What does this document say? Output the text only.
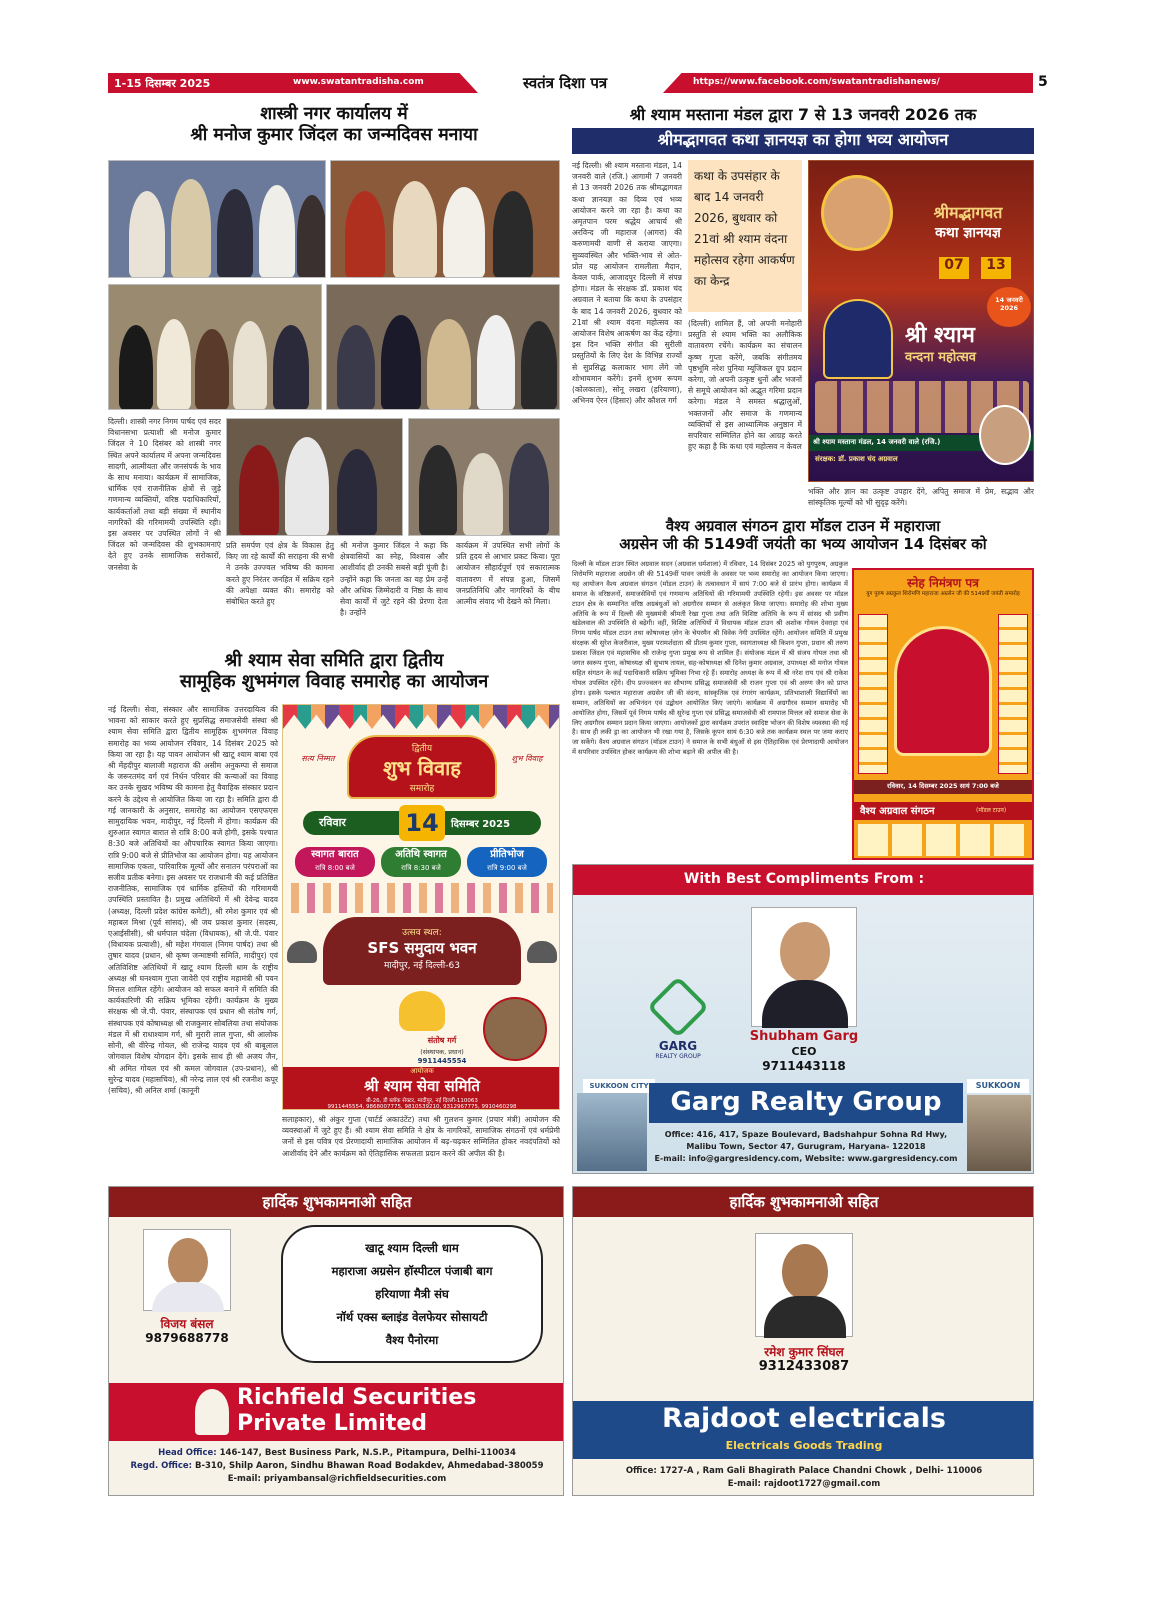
1-15 दिसम्बर 2025	www.swatantradisha.com	स्वतंत्र दिशा पत्र	https://www.facebook.com/swatantradishanews/	5
शास्त्री नगर कार्यालय में
श्री मनोज कुमार जिंदल का जन्मदिवस मनाया
दिल्ली। शास्त्री नगर निगम पार्षद एवं सदर विधानसभा प्रत्याशी श्री मनोज कुमार जिंदल ने 10 दिसंबर को शास्त्री नगर स्थित अपने कार्यालय में अपना जन्मदिवस सादगी, आत्मीयता और जनसंपर्क के भाव के साथ मनाया। कार्यक्रम में सामाजिक, धार्मिक एवं राजनीतिक क्षेत्रों से जुड़े गणमान्य व्यक्तियों, वरिष्ठ पदाधिकारियों, कार्यकर्ताओं तथा बड़ी संख्या में स्थानीय नागरिकों की गरिमामयी उपस्थिति रही। इस अवसर पर उपस्थित लोगों ने श्री जिंदल को जन्मदिवस की शुभकामनाएं देते हुए उनके सामाजिक सरोकारों, जनसेवा के
प्रति समर्पण एवं क्षेत्र के विकास हेतु किए जा रहे कार्यों की सराहना की सभी ने उनके उज्ज्वल भविष्य की कामना करते हुए निरंतर जनहित में सक्रिय रहने की अपेक्षा व्यक्त की। समारोह को संबोधित करते हुए
श्री मनोज कुमार जिंदल ने कहा कि क्षेत्रवासियों का स्नेह, विश्वास और आशीर्वाद ही उनकी सबसे बड़ी पूंजी है। उन्होंने कहा कि जनता का यह प्रेम उन्हें और अधिक जिम्मेदारी व निष्ठा के साथ सेवा कार्यों में जुटे रहने की प्रेरणा देता है। उन्होंने
कार्यक्रम में उपस्थित सभी लोगों के प्रति हृदय से आभार प्रकट किया। पूरा आयोजन सौहार्दपूर्ण एवं सकारात्मक वातावरण में संपन्न हुआ, जिसमें जनप्रतिनिधि और नागरिकों के बीच आत्मीय संवाद भी देखने को मिला।
श्री श्याम सेवा समिति द्वारा द्वितीय
सामूहिक शुभमंगल विवाह समारोह का आयोजन
नई दिल्ली। सेवा, संस्कार और सामाजिक उत्तरदायित्व की भावना को साकार करते हुए सुप्रसिद्ध समाजसेवी संस्था श्री श्याम सेवा समिति द्वारा द्वितीय सामूहिक शुभमंगल विवाह समारोह का भव्य आयोजन रविवार, 14 दिसंबर 2025 को किया जा रहा है। यह पावन आयोजन श्री खाटू श्याम बाबा एवं श्री मेंहदीपुर बालाजी महाराज की असीम अनुकम्पा से समाज के जरूरतमंद वर्ग एवं निर्धन परिवार की कन्याओं का विवाह कर उनके सुखद भविष्य की कामना हेतु वैवाहिक संस्कार प्रदान करने के उद्देश्य से आयोजित किया जा रहा है। समिति द्वारा दी गई जानकारी के अनुसार, समारोह का आयोजन एसएफएस सामुदायिक भवन, मादीपुर, नई दिल्ली में होगा। कार्यक्रम की शुरुआत स्वागत बारात से रात्रि 8:00 बजे होगी, इसके पश्चात 8:30 बजे अतिथियों का औपचारिक स्वागत किया जाएगा। रात्रि 9:00 बजे से प्रीतिभोज का आयोजन होगा। यह आयोजन सामाजिक एकता, पारिवारिक मूल्यों और सनातन परंपराओं का सजीव प्रतीक बनेगा। इस अवसर पर राजधानी की कई प्रतिष्ठित राजनीतिक, सामाजिक एवं धार्मिक हस्तियों की गरिमामयी उपस्थिति प्रस्तावित है। प्रमुख अतिथियों में श्री देवेन्द्र यादव (अध्यक्ष, दिल्ली प्रदेश कांग्रेस कमेटी), श्री रमेश कुमार एवं श्री महाबल मिश्रा (पूर्व सांसद), श्री जय प्रकाश कुमार (सदस्य, एआईसीसी), श्री धर्मपाल चंदेला (विधायक), श्री जे.पी. पंवार (विधायक प्रत्याशी), श्री महेश गंगवाल (निगम पार्षद) तथा श्री तुषार यादव (प्रधान, श्री कृष्ण जन्माष्टमी समिति, मादीपुर) एवं अतिविशिष्ट अतिथियों में खाटू श्याम दिल्ली धाम के राष्ट्रीय अध्यक्ष श्री घनश्याम गुप्ता जावेरी एवं राष्ट्रीय महामंत्री श्री पवन मित्तल शामिल रहेंगे। आयोजन को सफल बनाने में समिति की कार्यकारिणी की सक्रिय भूमिका रहेगी। कार्यक्रम के मुख्य संरक्षक श्री जे.पी. पंवार, संस्थापक एवं प्रधान श्री संतोष गर्ग, संस्थापक एवं कोषाध्यक्ष श्री राजकुमार सोबलिया तथा संयोजक मंडल में श्री राधाश्याम गर्ग, श्री मुरारी लाल गुप्ता, श्री आलोक सोनी, श्री वीरेन्द्र गोयल, श्री राजेन्द्र यादव एवं श्री बाबूलाल जोगवाल विशेष योगदान देंगे। इसके साथ ही श्री अजय जैन, श्री अमित गोयल एवं श्री कमल जोगवाल (उप-प्रधान), श्री सुरेन्द्र यादव (महासचिव), श्री नरेन्द्र लाल एवं श्री रजनीश कपूर (सचिव), श्री अनिल शर्मा (कानूनी
द्वितीय
शुभ विवाह
समारोह
सत्य निम्मत	शुभ विवाह
रविवार 14	दिसम्बर 2025
स्वागत बारात
रात्रि 8:00 बजे
अतिथि स्वागत
रात्रि 8:30 बजे
प्रीतिभोज
रात्रि 9:00 बजे
उत्सव स्थल:
SFS समुदाय भवन
मादीपुर, नई दिल्ली-63
संतोष गर्ग
(संस्थापक, प्रधान)
9911445554
आयोजक
श्री श्याम सेवा समिति
बी-26, डी ब्लॉक सेक्टर, मादीपुर, नई दिल्ली-110063
9911445554, 9868007775, 9810539210, 9312967775, 9910460298
सलाहकार), श्री अंकुर गुप्ता (चार्टर्ड अकाउंटेंट) तथा श्री गुलशन कुमार (प्रचार मंत्री) आयोजन की व्यवस्थाओं में जुटे हुए हैं। श्री श्याम सेवा समिति ने क्षेत्र के नागरिकों, सामाजिक संगठनों एवं धर्मप्रेमी जनों से इस पवित्र एवं प्रेरणादायी सामाजिक आयोजन में बढ़-चढ़कर सम्मिलित होकर नवदंपतियों को आशीर्वाद देने और कार्यक्रम को ऐतिहासिक सफलता प्रदान करने की अपील की है।
श्री श्याम मस्ताना मंडल द्वारा 7 से 13 जनवरी 2026 तक
श्रीमद्भागवत कथा ज्ञानयज्ञ का होगा भव्य आयोजन
नई दिल्ली। श्री श्याम मस्ताना मंडल, 14 जनवरी वाले (रजि.) आगामी 7 जनवरी से 13 जनवरी 2026 तक श्रीमद्भागवत कथा ज्ञानयज्ञ का दिव्य एवं भव्य आयोजन करने जा रहा है। कथा का अमृतपान परम श्रद्धेय आचार्य श्री अरविन्द जी महाराज (आगरा) की करुणामयी वाणी से कराया जाएगा। सुव्यवस्थित और भक्ति-भाव से ओत-प्रोत यह आयोजन रामलीला मैदान, केवल पार्क, आजादपुर दिल्ली में संपन्न होगा। मंडल के संरक्षक डॉ. प्रकाश चंद अग्रवाल ने बताया कि कथा के उपसंहार के बाद 14 जनवरी 2026, बुधवार को 21वां श्री श्याम वंदना महोत्सव का आयोजन विशेष आकर्षण का केंद्र रहेगा। इस दिन भक्ति संगीत की सुरीली प्रस्तुतियों के लिए देश के विभिन्न राज्यों से सुप्रसिद्ध कलाकार भाग लेंगे जो शोभायमान करेंगे। इनमें शुभम रूपम (कोलकाता), सोनू लखरा (हरियाणा), अभिनव ऐरन (हिसार) और कौशल गर्ग
कथा के उपसंहार के बाद 14 जनवरी 2026, बुधवार को 21वां श्री श्याम वंदना महोत्सव रहेगा आकर्षण का केन्द्र
(दिल्ली) शामिल हैं, जो अपनी मनोहारी प्रस्तुति से श्याम भक्ति का अलौकिक वातावरण रचेंगे। कार्यक्रम का संचालन कृष्ण गुप्ता करेंगे, जबकि संगीतमय पृष्ठभूमि नरेश पुनिया म्यूजिकल ग्रुप प्रदान करेगा, जो अपनी उत्कृष्ट धुनों और भजनों से समूचे आयोजन को अद्भुत गरिमा प्रदान करेगा। मंडल ने समस्त श्रद्धालुओं, भक्तजनों और समाज के गणमान्य व्यक्तियों से इस आध्यात्मिक अनुष्ठान में सपरिवार सम्मिलित होने का आग्रह करते हुए कहा है कि कथा एवं महोत्सव न केवल
भक्ति और ज्ञान का उत्कृष्ट उपहार देंगे, अपितु समाज में प्रेम, सद्भाव और सांस्कृतिक मूल्यों को भी सुदृढ़ करेंगे।
श्रीमद्भागवत
कथा ज्ञानयज्ञ
07	13
14 जनवरी 2026
श्री श्याम
वन्दना महोत्सव
श्री श्याम मस्ताना मंडल, 14 जनवरी वाले (रजि.)
संरक्षक: डॉ. प्रकाश चंद अग्रवाल
वैश्य अग्रवाल संगठन द्वारा मॉडल टाउन में महाराजा
अग्रसेन जी की 5149वीं जयंती का भव्य आयोजन 14 दिसंबर को
दिल्ली के मॉडल टाउन स्थित अग्रवाल सदन (अग्रवाल धर्मशाला) में रविवार, 14 दिसंबर 2025 को युगपुरुष, अग्रकुल शिरोमणि महाराजा अग्रसेन जी की 5149वीं पावन जयंती के अवसर पर भव्य समारोह का आयोजन किया जाएगा। यह आयोजन वैश्य अग्रवाल संगठन (मॉडल टाउन) के तत्वावधान में सायं 7:00 बजे से प्रारंभ होगा। कार्यक्रम में समाज के वरिष्ठजनों, समाजसेवियों एवं गणमान्य अतिथियों की गरिमामयी उपस्थिति रहेगी। इस अवसर पर मॉडल टाउन क्षेत्र के सम्मानित वरिष्ठ अग्रबंधुओं को अग्रगौरव सम्मान से अलंकृत किया जाएगा। समारोह की शोभा मुख्य अतिथि के रूप में दिल्ली की मुख्यमंत्री श्रीमती रेखा गुप्ता तथा अति विशिष्ट अतिथि के रूप में सांसद श्री प्रवीण खंडेलवाल की उपस्थिति से बढ़ेगी। वहीं, विशिष्ट अतिथियों में विधायक मॉडल टाउन श्री अशोक गोयल देवराहा एवं निगम पार्षद मॉडल टाउन तथा कोषाध्यक्ष ज़ोन के चेयरमैन श्री विवेक नेगी उपस्थित रहेंगे। आयोजन समिति में प्रमुख संरक्षक श्री सुरेश केजरीवाल, मुख्य परामर्शदाता श्री प्रीतम कुमार गुप्ता, स्वागताध्यक्ष श्री किशन गुप्ता, प्रधान श्री तरुण प्रकाश जिंदल एवं महासचिव श्री राजेन्द्र गुप्ता प्रमुख रूप से शामिल हैं। संयोजक मंडल में श्री संजय गोयल तथा श्री जगत स्वरूप गुप्ता, कोषाध्यक्ष श्री सुभाष तायल, सह-कोषाध्यक्ष श्री दिनेश कुमार अग्रवाल, उपाध्यक्ष श्री मनोज गोयल सहित संगठन के कई पदाधिकारी सक्रिय भूमिका निभा रहे हैं। समारोह अध्यक्ष के रूप में श्री नरेश राय एवं श्री राकेश गोयल उपस्थित रहेंगे। दीप प्रज्ज्वलन का सौभाग्य प्रसिद्ध समाजसेवी श्री राजन गुप्ता एवं श्री अरुण जैन को प्राप्त होगा। इसके पश्चात महाराजा अग्रसेन जी की वंदना, सांस्कृतिक एवं रंगारंग कार्यक्रम, प्रतिभाशाली विद्यार्थियों का सम्मान, अतिथियों का अभिनंदन एवं उद्बोधन आयोजित किए जाएंगे। कार्यक्रम में अग्रगौरव सम्मान समारोह भी आयोजित होगा, जिसमें पूर्व निगम पार्षद श्री सुरेन्द्र गुप्ता एवं प्रसिद्ध समाजसेवी श्री रामपाल मित्तल को समाज सेवा के लिए अग्रगौरव सम्मान प्रदान किया जाएगा। आयोजकों द्वारा कार्यक्रम उपरांत स्वादिष्ट भोजन की विशेष व्यवस्था की गई है। साथ ही लकी ड्रा का आयोजन भी रखा गया है, जिसके कूपन सायं 6:30 बजे तक कार्यक्रम स्थल पर जमा कराए जा सकेंगे। वैश्य अग्रवाल संगठन (मॉडल टाउन) ने समाज के सभी बंधुओं से इस ऐतिहासिक एवं प्रेरणादायी आयोजन में सपरिवार उपस्थित होकर कार्यक्रम की शोभा बढ़ाने की अपील की है।
स्नेह निमंत्रण पत्र
युग पुरुष अग्रकुल शिरोमणि महाराजा अग्रसेन जी की 5149वीं जयंती समारोह
रविवार, 14 दिसम्बर 2025 सायं 7:00 बजे
वैश्य अग्रवाल संगठन	(मॉडल टाउन)
With Best Compliments From :
GARG
REALTY GROUP
Shubham Garg
CEO
9711443118
SUKKOON CITY	SUKKOON
Garg Realty Group
Office: 416, 417, Spaze Boulevard, Badshahpur Sohna Rd Hwy,
Malibu Town, Sector 47, Gurugram, Haryana- 122018
E-mail: info@gargresidency.com, Website: www.gargresidency.com
हार्दिक शुभकामनाओ सहित
विजय बंसल
9879688778
खाटू श्याम दिल्ली धाम
महाराजा अग्रसेन हॉस्पीटल पंजाबी बाग
हरियाणा मैत्री संघ
नॉर्थ एक्स ब्लाइंड वेलफेयर सोसायटी
वैश्य पैनोरमा
Richfield Securities
Private Limited
Head Office: 146-147, Best Business Park, N.S.P., Pitampura, Delhi-110034
Regd. Office: B-310, Shilp Aaron, Sindhu Bhawan Road Bodakdev, Ahmedabad-380059
E-mail: priyambansal@richfieldsecurities.com
हार्दिक शुभकामनाओ सहित
रमेश कुमार सिंघल
9312433087
Rajdoot electricals
Electricals Goods Trading
Office: 1727-A , Ram Gali Bhagirath Palace Chandni Chowk , Delhi- 110006
E-mail: rajdoot1727@gmail.com
